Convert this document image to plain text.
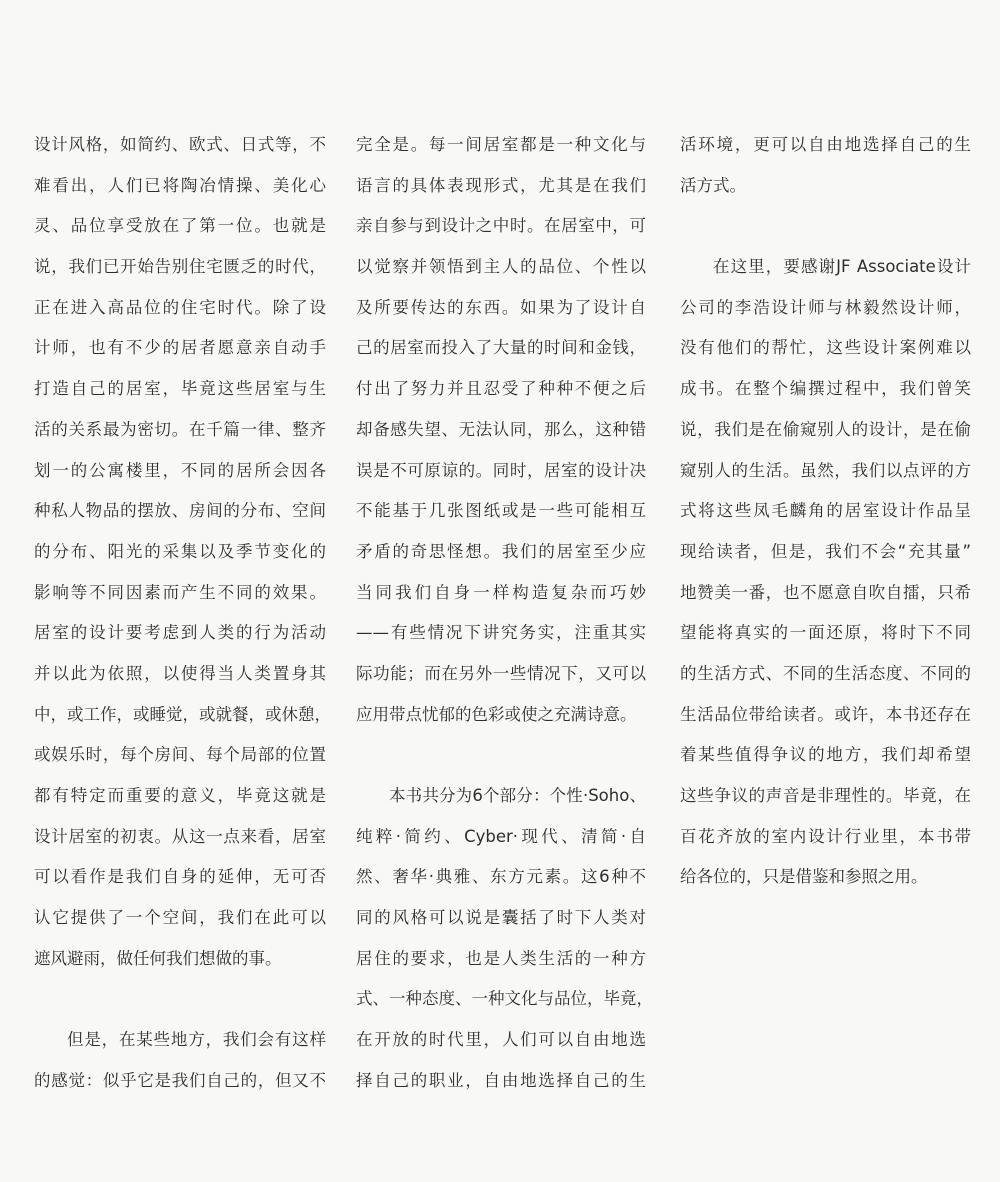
设计风格，如简约、欧式、日式等，不
难看出，人们已将陶冶情操、美化心
灵、品位享受放在了第一位。也就是
说，我们已开始告别住宅匮乏的时代，
正在进入高品位的住宅时代。除了设
计师，也有不少的居者愿意亲自动手
打造自己的居室，毕竟这些居室与生
活的关系最为密切。在千篇一律、整齐
划一的公寓楼里，不同的居所会因各
种私人物品的摆放、房间的分布、空间
的分布、阳光的采集以及季节变化的
影响等不同因素而产生不同的效果。
居室的设计要考虑到人类的行为活动
并以此为依照，以使得当人类置身其
中，或工作，或睡觉，或就餐，或休憩，
或娱乐时，每个房间、每个局部的位置
都有特定而重要的意义，毕竟这就是
设计居室的初衷。从这一点来看，居室
可以看作是我们自身的延伸，无可否
认它提供了一个空间，我们在此可以
遮风避雨，做任何我们想做的事。
但是，在某些地方，我们会有这样
的感觉：似乎它是我们自己的，但又不
完全是。每一间居室都是一种文化与
语言的具体表现形式，尤其是在我们
亲自参与到设计之中时。在居室中，可
以觉察并领悟到主人的品位、个性以
及所要传达的东西。如果为了设计自
己的居室而投入了大量的时间和金钱，
付出了努力并且忍受了种种不便之后
却备感失望、无法认同，那么，这种错
误是不可原谅的。同时，居室的设计决
不能基于几张图纸或是一些可能相互
矛盾的奇思怪想。我们的居室至少应
当同我们自身一样构造复杂而巧妙
——有些情况下讲究务实，注重其实
际功能；而在另外一些情况下，又可以
应用带点忧郁的色彩或使之充满诗意。
本书共分为6个部分：个性·Soho、
纯粹·简约、Cyber·现代、清简·自
然、奢华·典雅、东方元素。这6种不
同的风格可以说是囊括了时下人类对
居住的要求，也是人类生活的一种方
式、一种态度、一种文化与品位，毕竟，
在开放的时代里，人们可以自由地选
择自己的职业，自由地选择自己的生
活环境，更可以自由地选择自己的生
活方式。
在这里，要感谢JF Associate设计
公司的李浩设计师与林毅然设计师，
没有他们的帮忙，这些设计案例难以
成书。在整个编撰过程中，我们曾笑
说，我们是在偷窥别人的设计，是在偷
窥别人的生活。虽然，我们以点评的方
式将这些凤毛麟角的居室设计作品呈
现给读者，但是，我们不会“充其量”
地赞美一番，也不愿意自吹自擂，只希
望能将真实的一面还原，将时下不同
的生活方式、不同的生活态度、不同的
生活品位带给读者。或许，本书还存在
着某些值得争议的地方，我们却希望
这些争议的声音是非理性的。毕竟，在
百花齐放的室内设计行业里，本书带
给各位的，只是借鉴和参照之用。
